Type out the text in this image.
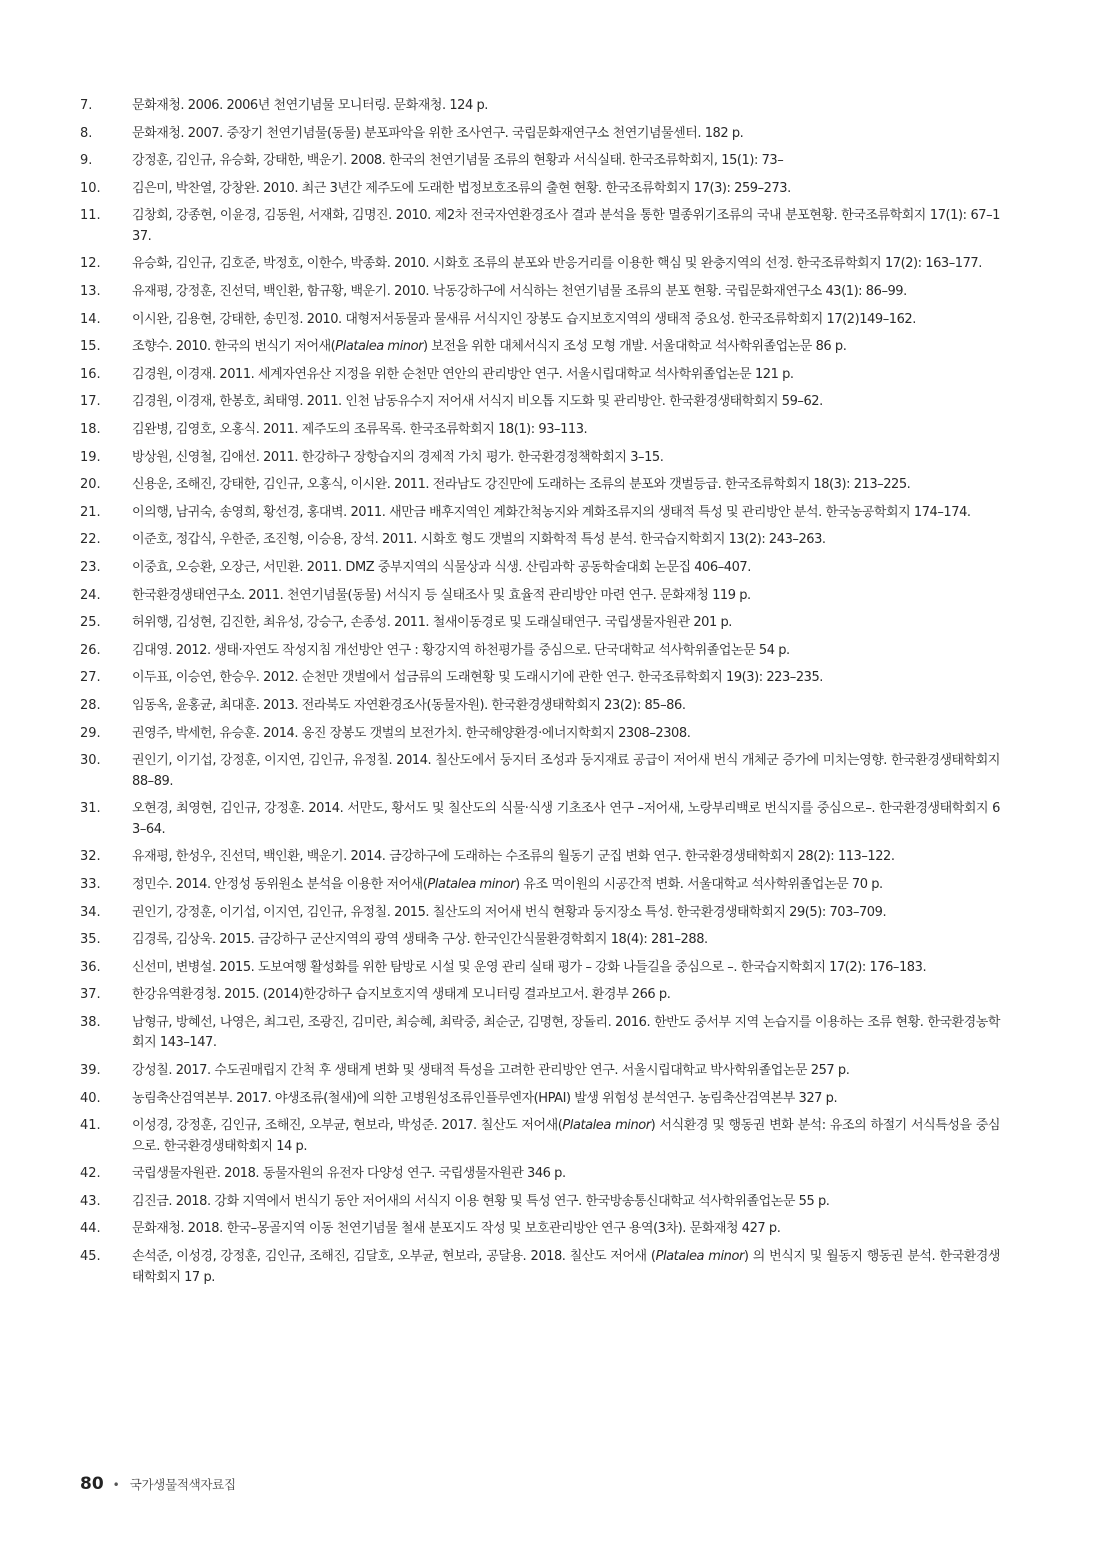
7.	문화재청. 2006. 2006년 천연기념물 모니터링. 문화재청. 124 p.
8.	문화재청. 2007. 중장기 천연기념물(동물) 분포파악을 위한 조사연구. 국립문화재연구소 천연기념물센터. 182 p.
9.	강정훈, 김인규, 유승화, 강태한, 백운기. 2008. 한국의 천연기념물 조류의 현황과 서식실태. 한국조류학회지, 15(1): 73–
10.	김은미, 박찬열, 강창완. 2010. 최근 3년간 제주도에 도래한 법정보호조류의 출현 현황. 한국조류학회지 17(3): 259–273.
11.	김창회, 강종현, 이윤경, 김동원, 서재화, 김명진. 2010. 제2차 전국자연환경조사 결과 분석을 통한 멸종위기조류의 국내 분포현황. 한국조류학회지 17(1): 67–137.
12.	유승화, 김인규, 김호준, 박정호, 이한수, 박종화. 2010. 시화호 조류의 분포와 반응거리를 이용한 핵심 및 완충지역의 선정. 한국조류학회지 17(2): 163–177.
13.	유재평, 강정훈, 진선덕, 백인환, 함규황, 백운기. 2010. 낙동강하구에 서식하는 천연기념물 조류의 분포 현황. 국립문화재연구소 43(1): 86–99.
14.	이시완, 김용현, 강태한, 송민정. 2010. 대형저서동물과 물새류 서식지인 장봉도 습지보호지역의 생태적 중요성. 한국조류학회지 17(2)149–162.
15.	조향수. 2010. 한국의 번식기 저어새(Platalea minor) 보전을 위한 대체서식지 조성 모형 개발. 서울대학교 석사학위졸업논문 86 p.
16.	김경원, 이경재. 2011. 세계자연유산 지정을 위한 순천만 연안의 관리방안 연구. 서울시립대학교 석사학위졸업논문 121 p.
17.	김경원, 이경재, 한봉호, 최태영. 2011. 인천 남동유수지 저어새 서식지 비오톱 지도화 및 관리방안. 한국환경생태학회지 59–62.
18.	김완병, 김영호, 오홍식. 2011. 제주도의 조류목록. 한국조류학회지 18(1): 93–113.
19.	방상원, 신영철, 김애선. 2011. 한강하구 장항습지의 경제적 가치 평가. 한국환경정책학회지 3–15.
20.	신용운, 조해진, 강태한, 김인규, 오홍식, 이시완. 2011. 전라남도 강진만에 도래하는 조류의 분포와 갯벌등급. 한국조류학회지 18(3): 213–225.
21.	이의행, 남귀숙, 송영희, 황선경, 홍대벽. 2011. 새만금 배후지역인 계화간척농지와 계화조류지의 생태적 특성 및 관리방안 분석. 한국농공학회지 174–174.
22.	이준호, 정갑식, 우한준, 조진형, 이승용, 장석. 2011. 시화호 형도 갯벌의 지화학적 특성 분석. 한국습지학회지 13(2): 243–263.
23.	이중효, 오승환, 오장근, 서민환. 2011. DMZ 중부지역의 식물상과 식생. 산림과학 공동학술대회 논문집 406–407.
24.	한국환경생태연구소. 2011. 천연기념물(동물) 서식지 등 실태조사 및 효율적 관리방안 마련 연구. 문화재청 119 p.
25.	허위행, 김성현, 김진한, 최유성, 강승구, 손종성. 2011. 철새이동경로 및 도래실태연구. 국립생물자원관 201 p.
26.	김대영. 2012. 생태·자연도 작성지침 개선방안 연구 : 황강지역 하천평가를 중심으로. 단국대학교 석사학위졸업논문 54 p.
27.	이두표, 이승연, 한승우. 2012. 순천만 갯벌에서 섭금류의 도래현황 및 도래시기에 관한 연구. 한국조류학회지 19(3): 223–235.
28.	임동옥, 윤홍균, 최대훈. 2013. 전라북도 자연환경조사(동물자원). 한국환경생태학회지 23(2): 85–86.
29.	권영주, 박세헌, 유승훈. 2014. 옹진 장봉도 갯벌의 보전가치. 한국해양환경·에너지학회지 2308–2308.
30.	권인기, 이기섭, 강정훈, 이지연, 김인규, 유정칠. 2014. 칠산도에서 둥지터 조성과 둥지재료 공급이 저어새 번식 개체군 증가에 미치는영향. 한국환경생태학회지 88–89.
31.	오현경, 최영현, 김인규, 강정훈. 2014. 서만도, 황서도 및 칠산도의 식물·식생 기초조사 연구 –저어새, 노랑부리백로 번식지를 중심으로–. 한국환경생태학회지 63–64.
32.	유재평, 한성우, 진선덕, 백인환, 백운기. 2014. 금강하구에 도래하는 수조류의 월동기 군집 변화 연구. 한국환경생태학회지 28(2): 113–122.
33.	정민수. 2014. 안정성 동위원소 분석을 이용한 저어새(Platalea minor) 유조 먹이원의 시공간적 변화. 서울대학교 석사학위졸업논문 70 p.
34.	권인기, 강정훈, 이기섭, 이지연, 김인규, 유정칠. 2015. 칠산도의 저어새 번식 현황과 둥지장소 특성. 한국환경생태학회지 29(5): 703–709.
35.	김경록, 김상욱. 2015. 금강하구 군산지역의 광역 생태축 구상. 한국인간식물환경학회지 18(4): 281–288.
36.	신선미, 변병설. 2015. 도보여행 활성화를 위한 탐방로 시설 및 운영 관리 실태 평가 – 강화 나들길을 중심으로 –. 한국습지학회지 17(2): 176–183.
37.	한강유역환경청. 2015. (2014)한강하구 습지보호지역 생태계 모니터링 결과보고서. 환경부 266 p.
38.	남형규, 방혜선, 나영은, 최그린, 조광진, 김미란, 최승혜, 최락중, 최순군, 김명현, 장돌리. 2016. 한반도 중서부 지역 논습지를 이용하는 조류 현황. 한국환경농학회지 143–147.
39.	강성칠. 2017. 수도권매립지 간척 후 생태계 변화 및 생태적 특성을 고려한 관리방안 연구. 서울시립대학교 박사학위졸업논문 257 p.
40.	농림축산검역본부. 2017. 야생조류(철새)에 의한 고병원성조류인플루엔자(HPAI) 발생 위험성 분석연구. 농림축산검역본부 327 p.
41.	이성경, 강정훈, 김인규, 조해진, 오부균, 현보라, 박성준. 2017. 칠산도 저어새(Platalea minor) 서식환경 및 행동권 변화 분석: 유조의 하절기 서식특성을 중심으로. 한국환경생태학회지 14 p.
42.	국립생물자원관. 2018. 동물자원의 유전자 다양성 연구. 국립생물자원관 346 p.
43.	김진금. 2018. 강화 지역에서 번식기 동안 저어새의 서식지 이용 현황 및 특성 연구. 한국방송통신대학교 석사학위졸업논문 55 p.
44.	문화재청. 2018. 한국–몽골지역 이동 천연기념물 철새 분포지도 작성 및 보호관리방안 연구 용역(3차). 문화재청 427 p.
45.	손석준, 이성경, 강정훈, 김인규, 조해진, 김달호, 오부균, 현보라, 공달용. 2018. 칠산도 저어새 (Platalea minor) 의 번식지 및 월동지 행동권 분석. 한국환경생태학회지 17 p.
80 • 국가생물적색자료집
